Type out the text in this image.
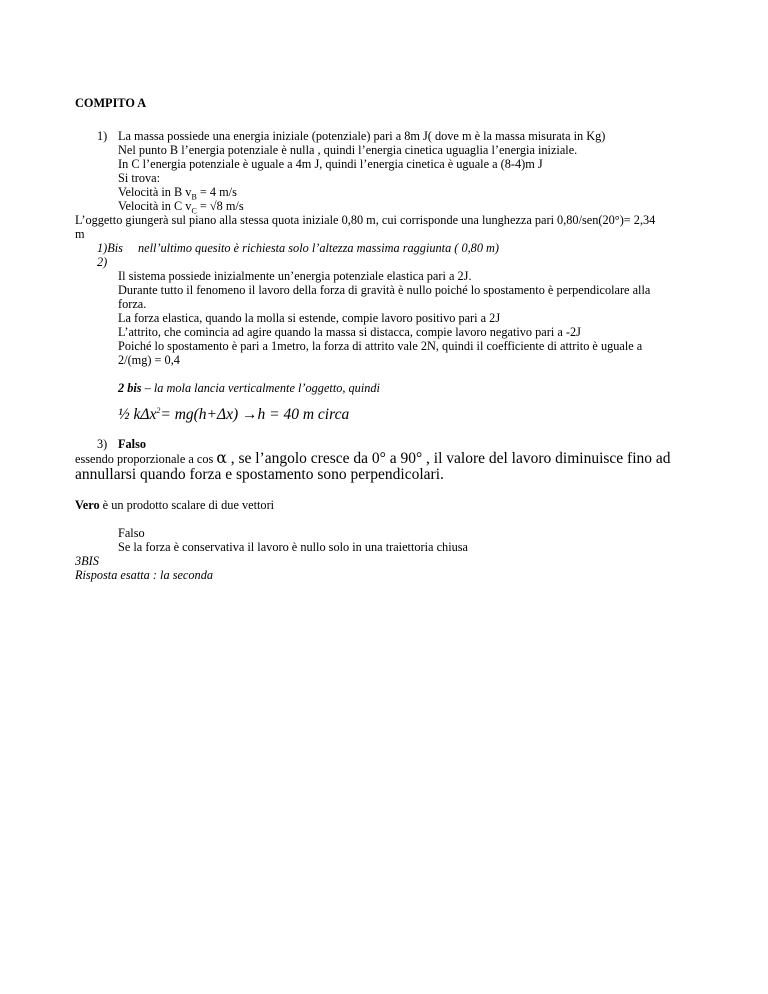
COMPITO A
1) La massa possiede una energia iniziale (potenziale) pari a 8m J( dove m è la massa misurata in Kg)
Nel punto B l’energia potenziale è nulla , quindi l’energia cinetica uguaglia l’energia iniziale.
In C l’energia potenziale è uguale a 4m J, quindi l’energia cinetica è uguale a (8-4)m J
Si trova:
Velocità in B $v_B = 4$ m/s
Velocità in C $v_C = √8$ m/s
L’oggetto giungerà sul piano alla stessa quota iniziale 0,80 m, cui corrisponde una lunghezza pari 0,80/sen(20°)= 2,34
m
1)Bis nell’ultimo quesito è richiesta solo l’altezza massima raggiunta ( 0,80 m)
2)
Il sistema possiede inizialmente un’energia potenziale elastica pari a 2J.
Durante tutto il fenomeno il lavoro della forza di gravità è nullo poiché lo spostamento è perpendicolare alla
forza.
La forza elastica, quando la molla si estende, compie lavoro positivo pari a 2J
L’attrito, che comincia ad agire quando la massa si distacca, compie lavoro negativo pari a -2J
Poiché lo spostamento è pari a 1metro, la forza di attrito vale 2N, quindi il coefficiente di attrito è uguale a
2/(mg) = 0,4
2 bis – la mola lancia verticalmente l’oggetto, quindi
½ kΔx$^2$= mg(h+Δx) →h = 40 m circa
3) Falso
essendo proporzionale a cos α , se l’angolo cresce da 0° a 90° , il valore del lavoro diminuisce fino ad
annullarsi quando forza e spostamento sono perpendicolari.
Vero è un prodotto scalare di due vettori
Falso
Se la forza è conservativa il lavoro è nullo solo in una traiettoria chiusa
3BIS
Risposta esatta : la seconda
